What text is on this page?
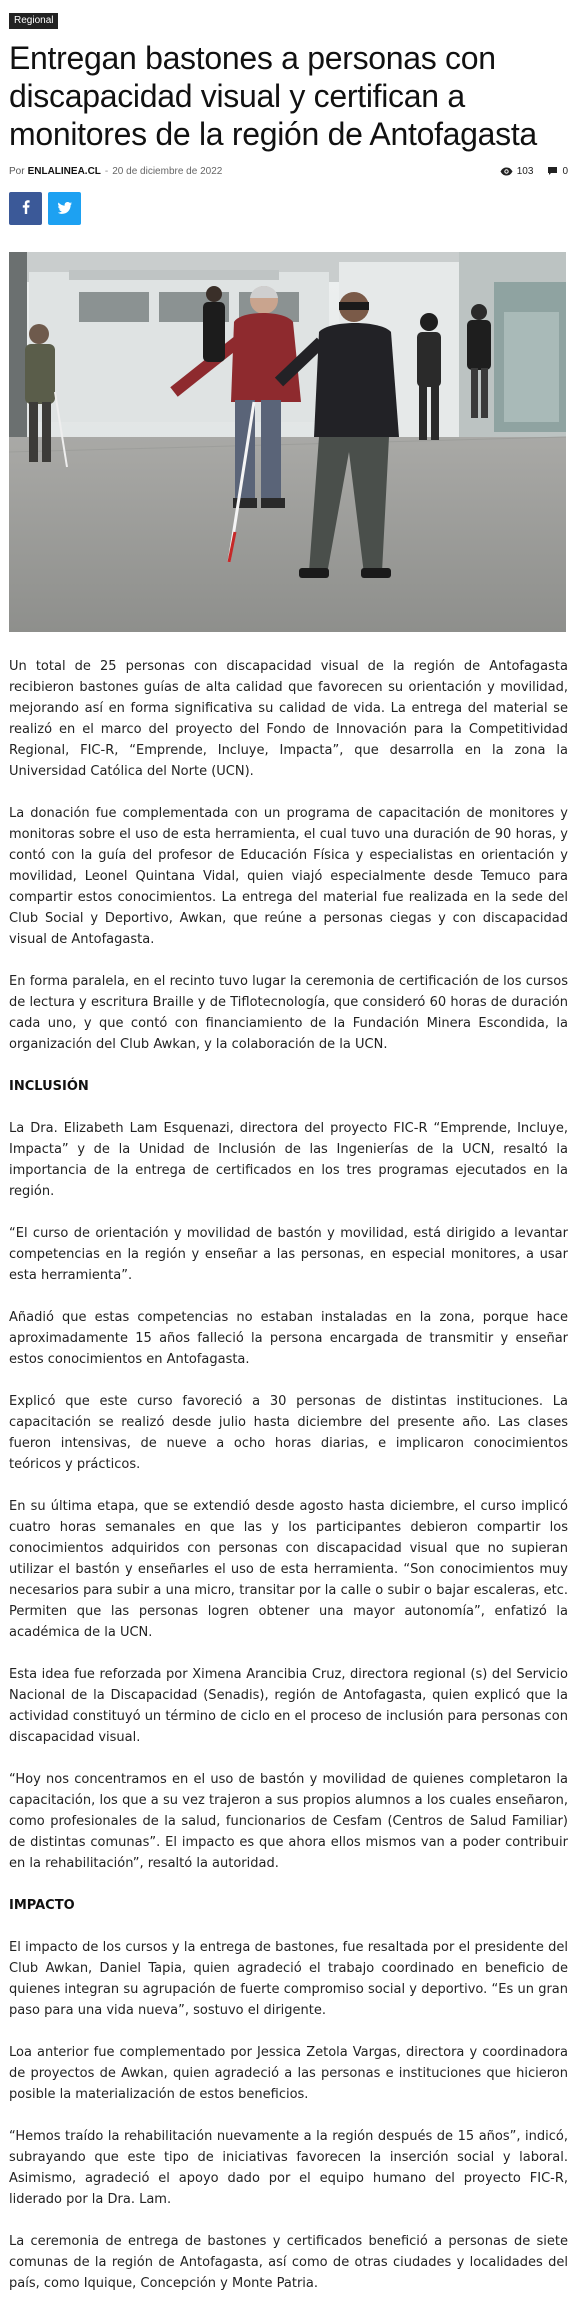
Regional
Entregan bastones a personas con discapacidad visual y certifican a monitores de la región de Antofagasta
Por ENLALINEA.CL - 20 de diciembre de 2022	103	0

Un total de 25 personas con discapacidad visual de la región de Antofagasta recibieron bastones guías de alta calidad que favorecen su orientación y movilidad, mejorando así en forma significativa su calidad de vida. La entrega del material se realizó en el marco del proyecto del Fondo de Innovación para la Competitividad Regional, FIC-R, “Emprende, Incluye, Impacta”, que desarrolla en la zona la Universidad Católica del Norte (UCN).

La donación fue complementada con un programa de capacitación de monitores y monitoras sobre el uso de esta herramienta, el cual tuvo una duración de 90 horas, y contó con la guía del profesor de Educación Física y especialistas en orientación y movilidad, Leonel Quintana Vidal, quien viajó especialmente desde Temuco para compartir estos conocimientos. La entrega del material fue realizada en la sede del Club Social y Deportivo, Awkan, que reúne a personas ciegas y con discapacidad visual de Antofagasta.

En forma paralela, en el recinto tuvo lugar la ceremonia de certificación de los cursos de lectura y escritura Braille y de Tiflotecnología, que consideró 60 horas de duración cada uno, y que contó con financiamiento de la Fundación Minera Escondida, la organización del Club Awkan, y la colaboración de la UCN.

INCLUSIÓN

La Dra. Elizabeth Lam Esquenazi, directora del proyecto FIC-R “Emprende, Incluye, Impacta” y de la Unidad de Inclusión de las Ingenierías de la UCN, resaltó la importancia de la entrega de certificados en los tres programas ejecutados en la región.

“El curso de orientación y movilidad de bastón y movilidad, está dirigido a levantar competencias en la región y enseñar a las personas, en especial monitores, a usar esta herramienta”.

Añadió que estas competencias no estaban instaladas en la zona, porque hace aproximadamente 15 años falleció la persona encargada de transmitir y enseñar estos conocimientos en Antofagasta.

Explicó que este curso favoreció a 30 personas de distintas instituciones. La capacitación se realizó desde julio hasta diciembre del presente año. Las clases fueron intensivas, de nueve a ocho horas diarias, e implicaron conocimientos teóricos y prácticos.

En su última etapa, que se extendió desde agosto hasta diciembre, el curso implicó cuatro horas semanales en que las y los participantes debieron compartir los conocimientos adquiridos con personas con discapacidad visual que no supieran utilizar el bastón y enseñarles el uso de esta herramienta. “Son conocimientos muy necesarios para subir a una micro, transitar por la calle o subir o bajar escaleras, etc. Permiten que las personas logren obtener una mayor autonomía”, enfatizó la académica de la UCN.

Esta idea fue reforzada por Ximena Arancibia Cruz, directora regional (s) del Servicio Nacional de la Discapacidad (Senadis), región de Antofagasta, quien explicó que la actividad constituyó un término de ciclo en el proceso de inclusión para personas con discapacidad visual.

“Hoy nos concentramos en el uso de bastón y movilidad de quienes completaron la capacitación, los que a su vez trajeron a sus propios alumnos a los cuales enseñaron, como profesionales de la salud, funcionarios de Cesfam (Centros de Salud Familiar) de distintas comunas”. El impacto es que ahora ellos mismos van a poder contribuir en la rehabilitación”, resaltó la autoridad.

IMPACTO

El impacto de los cursos y la entrega de bastones, fue resaltada por el presidente del Club Awkan, Daniel Tapia, quien agradeció el trabajo coordinado en beneficio de quienes integran su agrupación de fuerte compromiso social y deportivo. “Es un gran paso para una vida nueva”, sostuvo el dirigente.

Loa anterior fue complementado por Jessica Zetola Vargas, directora y coordinadora de proyectos de Awkan, quien agradeció a las personas e instituciones que hicieron posible la materialización de estos beneficios.

“Hemos traído la rehabilitación nuevamente a la región después de 15 años”, indicó, subrayando que este tipo de iniciativas favorecen la inserción social y laboral. Asimismo, agradeció el apoyo dado por el equipo humano del proyecto FIC-R, liderado por la Dra. Lam.

La ceremonia de entrega de bastones y certificados benefició a personas de siete comunas de la región de Antofagasta, así como de otras ciudades y localidades del país, como Iquique, Concepción y Monte Patria.
